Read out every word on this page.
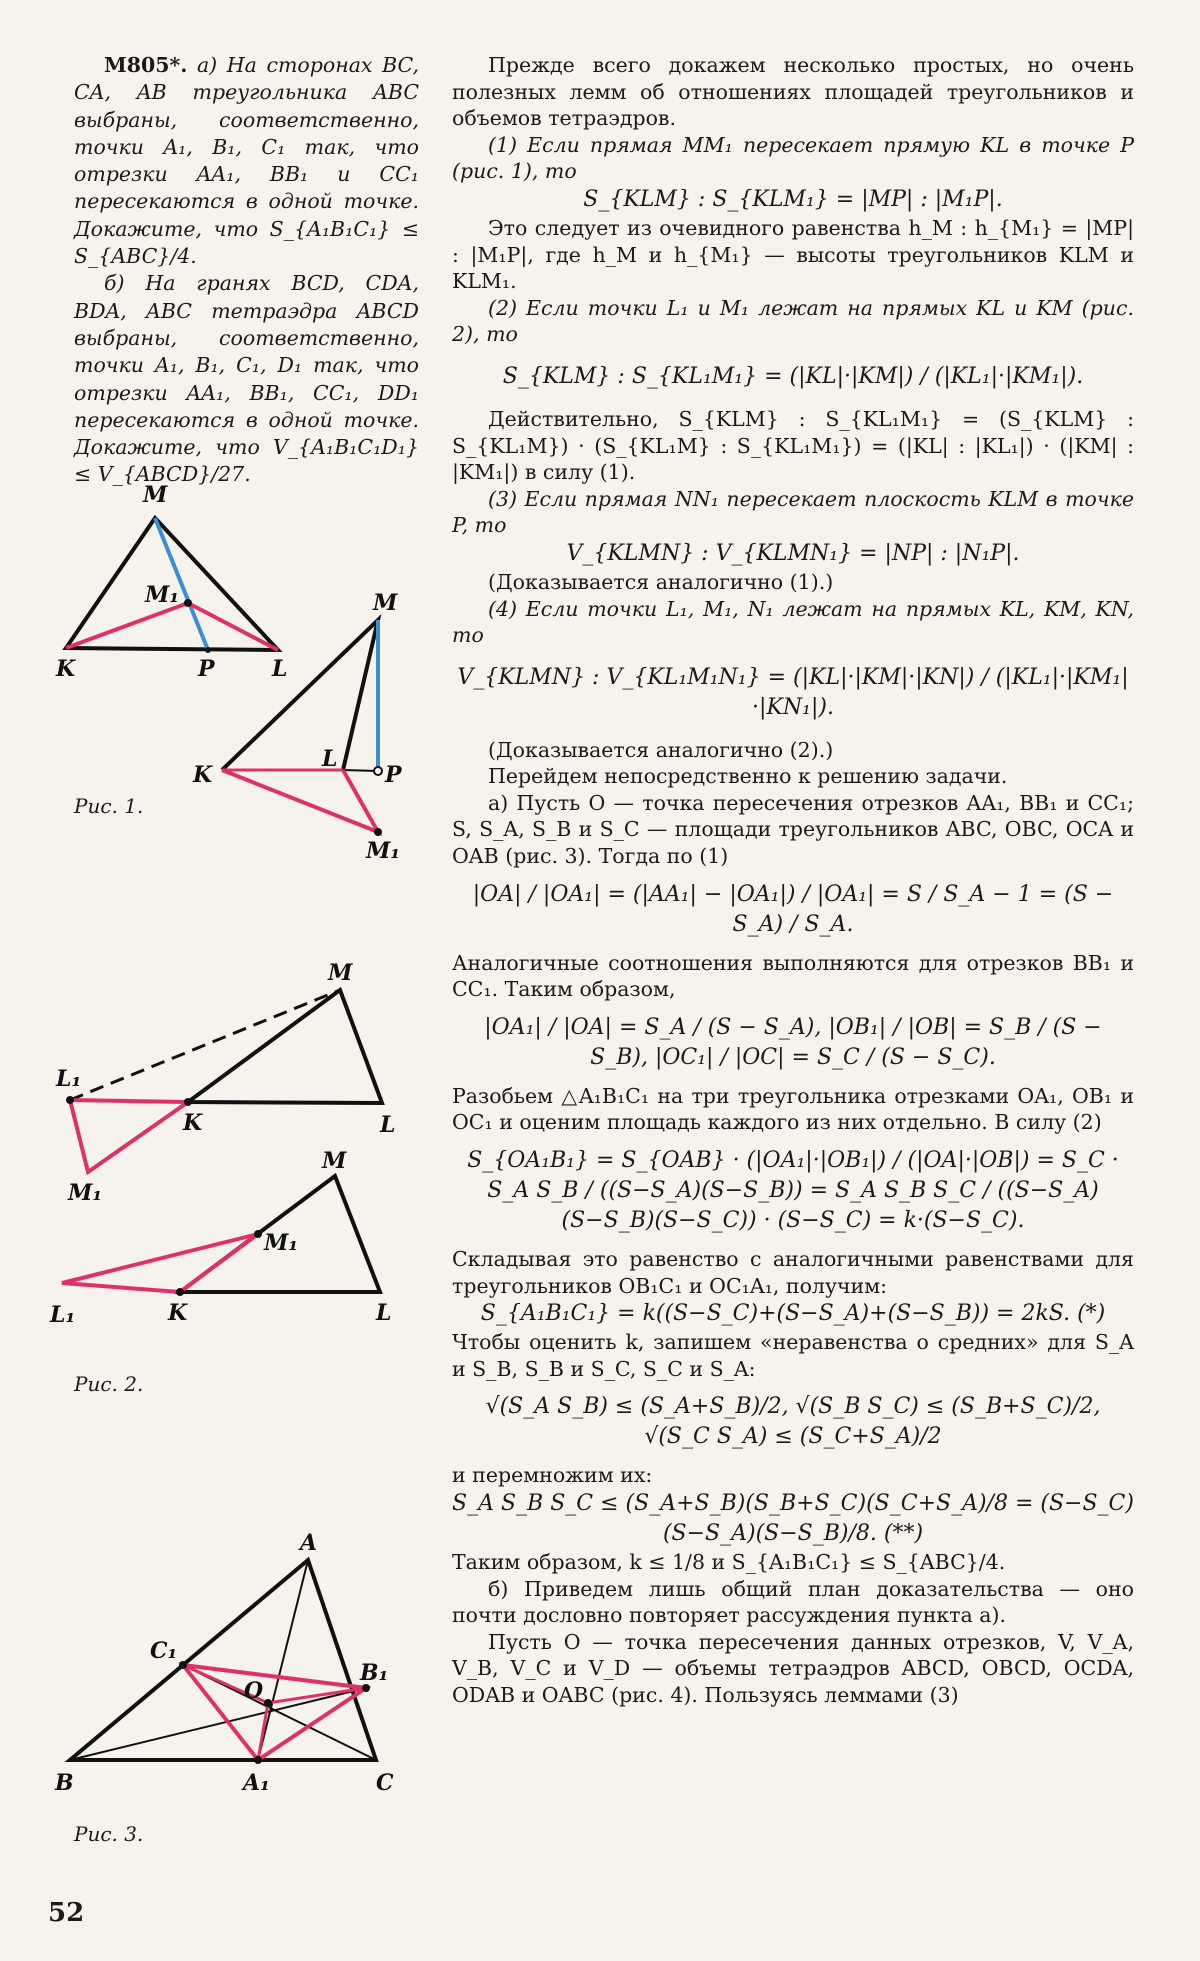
M805*. а) На сторонах BC, CA, AB треугольника ABC выбраны, соответственно, точки A₁, B₁, C₁ так, что отрезки AA₁, BB₁ и CC₁ пересекаются в одной точке. Докажите, что S_{A₁B₁C₁} ≤ S_{ABC}/4.

б) На гранях BCD, CDA, BDA, ABC тетраэдра ABCD выбраны, соответственно, точки A₁, B₁, C₁, D₁ так, что отрезки AA₁, BB₁, CC₁, DD₁ пересекаются в одной точке. Докажите, что V_{A₁B₁C₁D₁} ≤ V_{ABCD}/27.

M
M₁
K	P	L
M
K
L
P
M₁
M
L₁
K	L
M₁
M
M₁
L₁	K	L
A
C₁
B₁
O
B	A₁	C
Рис. 1.
Рис. 2.
Рис. 3.

Прежде всего докажем несколько простых, но очень полезных лемм об отношениях площадей треугольников и объемов тетраэдров.

(1) Если прямая MM₁ пересекает прямую KL в точке P (рис. 1), то

S_{KLM} : S_{KLM₁} = |MP| : |M₁P|.

Это следует из очевидного равенства h_M : h_{M₁} = |MP| : |M₁P|, где h_M и h_{M₁} — высоты треугольников KLM и KLM₁.

(2) Если точки L₁ и M₁ лежат на прямых KL и KM (рис. 2), то

S_{KLM} : S_{KL₁M₁} = (|KL|·|KM|) / (|KL₁|·|KM₁|).

Действительно, S_{KLM} : S_{KL₁M₁} = (S_{KLM} : S_{KL₁M}) · (S_{KL₁M} : S_{KL₁M₁}) = (|KL| : |KL₁|) · (|KM| : |KM₁|) в силу (1).

(3) Если прямая NN₁ пересекает плоскость KLM в точке P, то

V_{KLMN} : V_{KLMN₁} = |NP| : |N₁P|.

(Доказывается аналогично (1).)

(4) Если точки L₁, M₁, N₁ лежат на прямых KL, KM, KN, то

V_{KLMN} : V_{KL₁M₁N₁} = (|KL|·|KM|·|KN|) / (|KL₁|·|KM₁|·|KN₁|).

(Доказывается аналогично (2).)

Перейдем непосредственно к решению задачи.

а) Пусть O — точка пересечения отрезков AA₁, BB₁ и CC₁; S, S_A, S_B и S_C — площади треугольников ABC, OBC, OCA и OAB (рис. 3). Тогда по (1)

|OA| / |OA₁| = (|AA₁| − |OA₁|) / |OA₁| = S / S_A − 1 = (S − S_A) / S_A.

Аналогичные соотношения выполняются для отрезков BB₁ и CC₁. Таким образом,

|OA₁| / |OA| = S_A / (S − S_A), |OB₁| / |OB| = S_B / (S − S_B), |OC₁| / |OC| = S_C / (S − S_C).

Разобьем △A₁B₁C₁ на три треугольника отрезками OA₁, OB₁ и OC₁ и оценим площадь каждого из них отдельно. В силу (2)

S_{OA₁B₁} = S_{OAB} · (|OA₁|·|OB₁|) / (|OA|·|OB|) = S_C · S_A S_B / ((S−S_A)(S−S_B)) = S_A S_B S_C / ((S−S_A)(S−S_B)(S−S_C)) · (S−S_C) = k·(S−S_C).

Складывая это равенство с аналогичными равенствами для треугольников OB₁C₁ и OC₁A₁, получим:

S_{A₁B₁C₁} = k((S−S_C)+(S−S_A)+(S−S_B)) = 2kS. (*)

Чтобы оценить k, запишем «неравенства о средних» для S_A и S_B, S_B и S_C, S_C и S_A:

√(S_A S_B) ≤ (S_A+S_B)/2, √(S_B S_C) ≤ (S_B+S_C)/2, √(S_C S_A) ≤ (S_C+S_A)/2

и перемножим их:

S_A S_B S_C ≤ (S_A+S_B)(S_B+S_C)(S_C+S_A)/8 = (S−S_C)(S−S_A)(S−S_B)/8. (**)

Таким образом, k ≤ 1/8 и S_{A₁B₁C₁} ≤ S_{ABC}/4.

б) Приведем лишь общий план доказательства — оно почти дословно повторяет рассуждения пункта а).

Пусть O — точка пересечения данных отрезков, V, V_A, V_B, V_C и V_D — объемы тетраэдров ABCD, OBCD, OCDA, ODAB и OABC (рис. 4). Пользуясь леммами (3)

52
